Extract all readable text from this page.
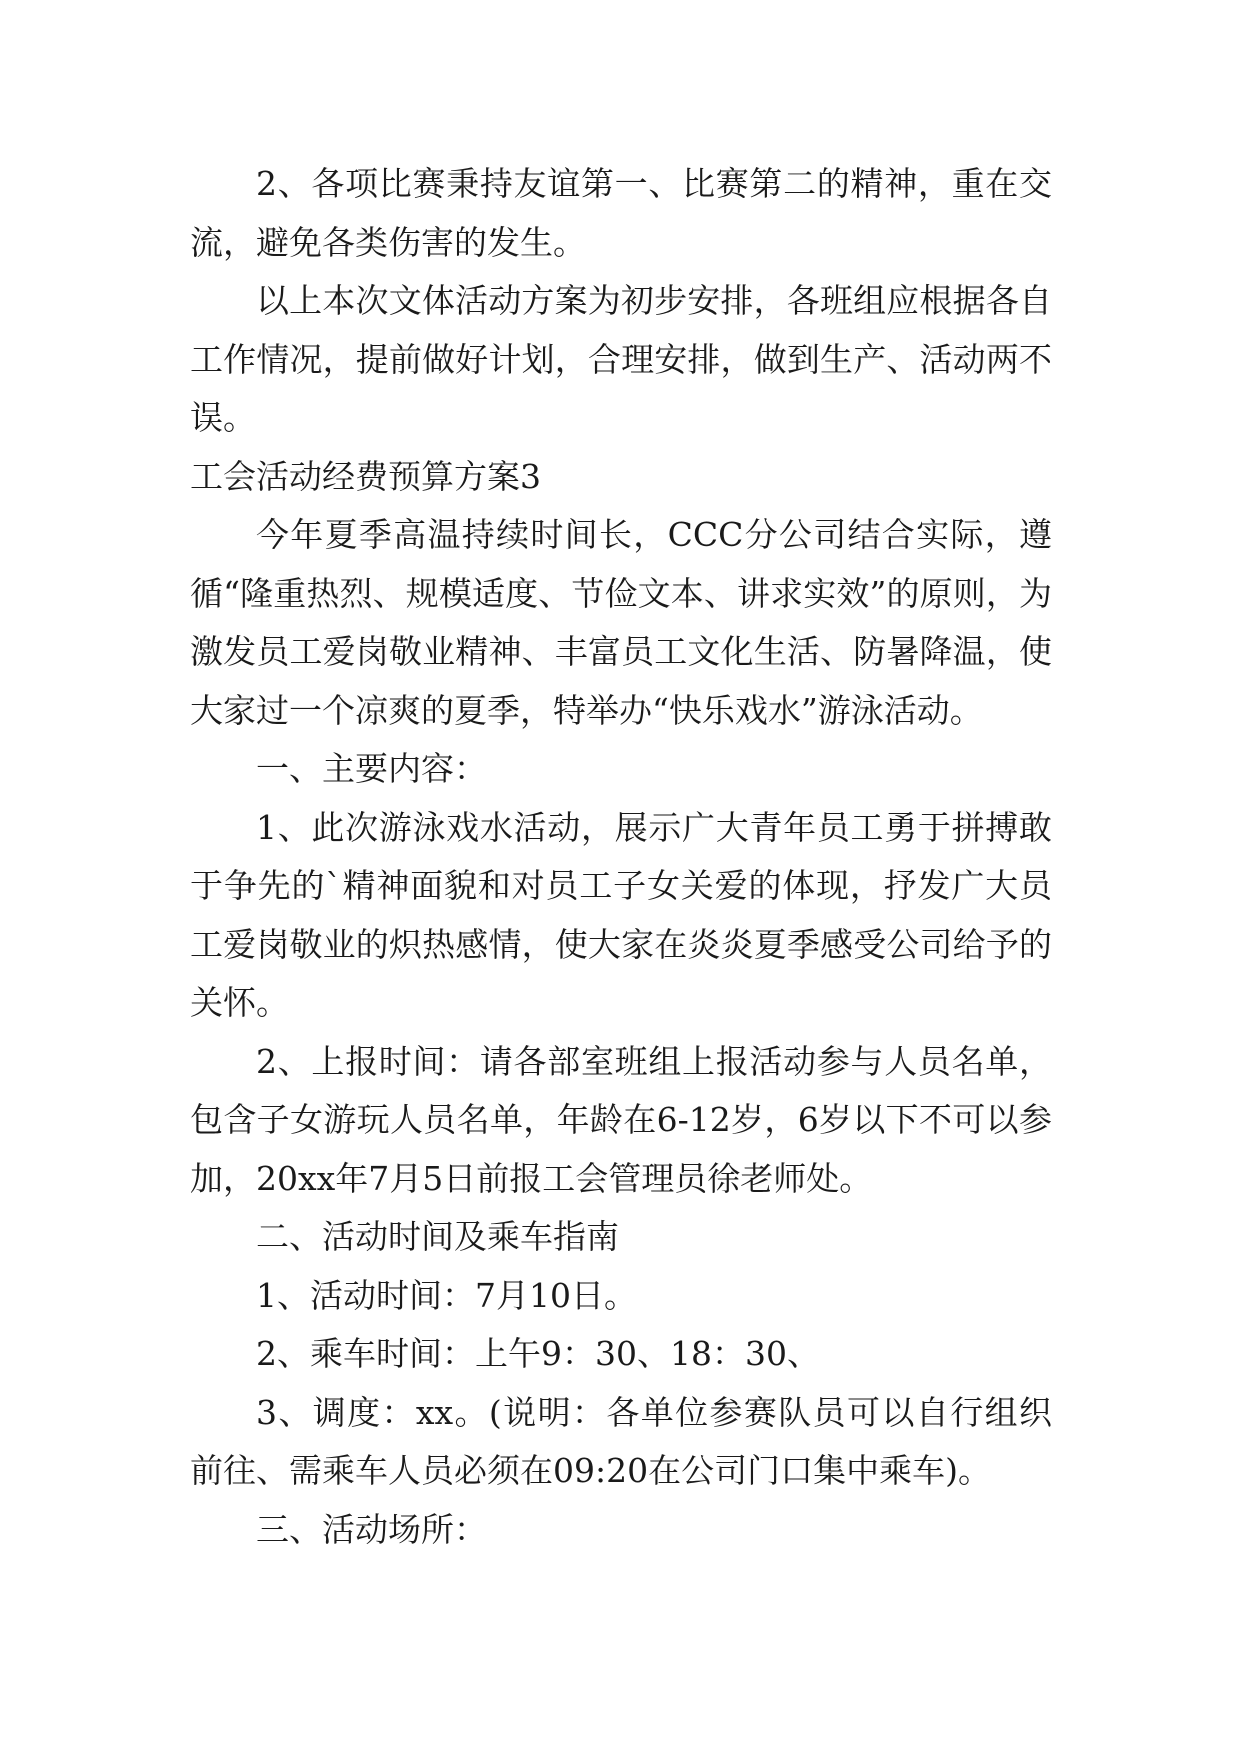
2、各项比赛秉持友谊第一、比赛第二的精神，重在交流，避免各类伤害的发生。

以上本次文体活动方案为初步安排，各班组应根据各自工作情况，提前做好计划，合理安排，做到生产、活动两不误。

工会活动经费预算方案3

今年夏季高温持续时间长，CCC分公司结合实际，遵循“隆重热烈、规模适度、节俭文本、讲求实效”的原则，为激发员工爱岗敬业精神、丰富员工文化生活、防暑降温，使大家过一个凉爽的夏季，特举办“快乐戏水”游泳活动。

一、主要内容：

1、此次游泳戏水活动，展示广大青年员工勇于拼搏敢于争先的`精神面貌和对员工子女关爱的体现，抒发广大员工爱岗敬业的炽热感情，使大家在炎炎夏季感受公司给予的关怀。

2、上报时间：请各部室班组上报活动参与人员名单，包含子女游玩人员名单，年龄在6-12岁，6岁以下不可以参加，20xx年7月5日前报工会管理员徐老师处。

二、活动时间及乘车指南

1、活动时间：7月10日。

2、乘车时间：上午9：30、18：30、

3、调度：xx。(说明：各单位参赛队员可以自行组织前往、需乘车人员必须在09:20在公司门口集中乘车)。

三、活动场所：
